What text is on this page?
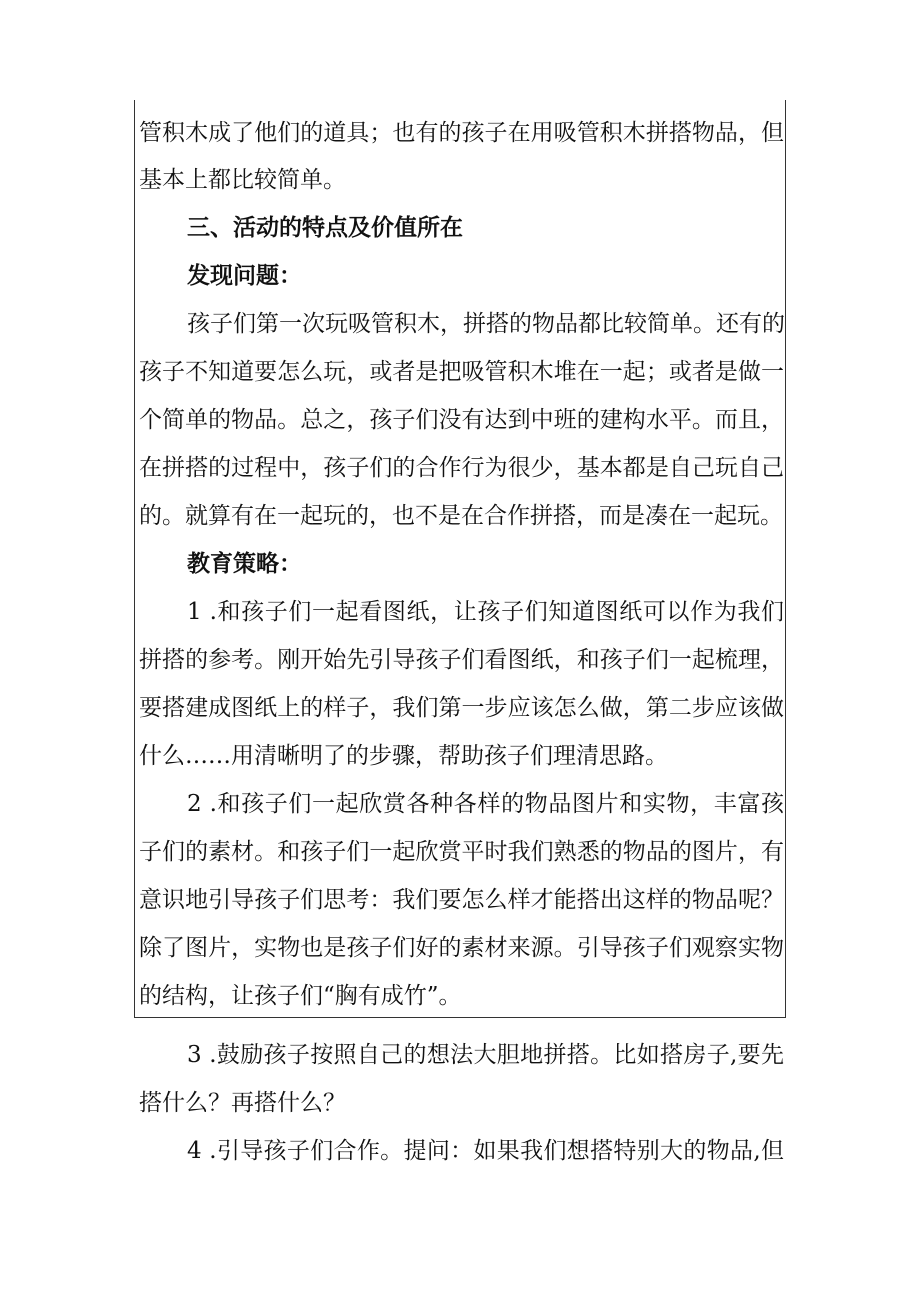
管积木成了他们的道具；也有的孩子在用吸管积木拼搭物品，但
基本上都比较简单。
三、活动的特点及价值所在
发现问题：
孩子们第一次玩吸管积木，拼搭的物品都比较简单。还有的
孩子不知道要怎么玩，或者是把吸管积木堆在一起；或者是做一
个简单的物品。总之，孩子们没有达到中班的建构水平。而且，
在拼搭的过程中，孩子们的合作行为很少，基本都是自己玩自己
的。就算有在一起玩的，也不是在合作拼搭，而是凑在一起玩。
教育策略：
1 .和孩子们一起看图纸，让孩子们知道图纸可以作为我们
拼搭的参考。刚开始先引导孩子们看图纸，和孩子们一起梳理，
要搭建成图纸上的样子，我们第一步应该怎么做，第二步应该做
什么……用清晰明了的步骤，帮助孩子们理清思路。
2 .和孩子们一起欣赏各种各样的物品图片和实物，丰富孩
子们的素材。和孩子们一起欣赏平时我们熟悉的物品的图片，有
意识地引导孩子们思考：我们要怎么样才能搭出这样的物品呢？
除了图片，实物也是孩子们好的素材来源。引导孩子们观察实物
的结构，让孩子们“胸有成竹”。
3 .鼓励孩子按照自己的想法大胆地拼搭。比如搭房子,要先
搭什么？再搭什么？
4 .引导孩子们合作。提问：如果我们想搭特别大的物品,但
